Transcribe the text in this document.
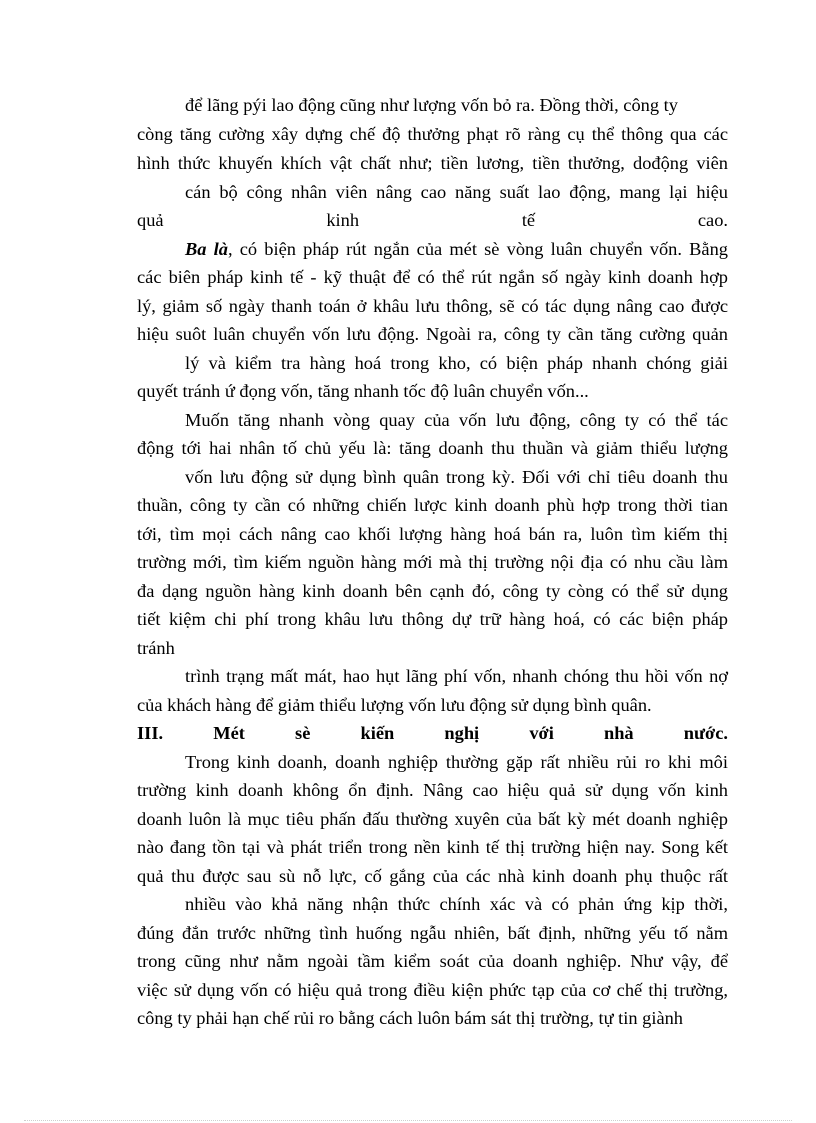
để lãng pýi lao động cũng như lượng vốn bỏ ra. Đồng thời, công ty
còng tăng cường xây dựng chế độ thưởng phạt rõ ràng cụ thể thông qua các
hình thức khuyến khích vật chất như; tiền lương, tiền thưởng, dođộng viên
cán bộ công nhân viên nâng cao năng suất lao động, mang lại hiệu
quả kinh tế cao.
Ba là, có biện pháp rút ngắn của mét sè vòng luân chuyển vốn. Bằng
các biên pháp kinh tế - kỹ thuật để có thể rút ngắn số ngày kinh doanh hợp
lý, giảm số ngày thanh toán ở khâu lưu thông, sẽ có tác dụng nâng cao được
hiệu suôt luân chuyển vốn lưu động. Ngoài ra, công ty cần tăng cường quản
lý và kiểm tra hàng hoá trong kho, có biện pháp nhanh chóng giải
quyết tránh ứ đọng vốn, tăng nhanh tốc độ luân chuyển vốn...
Muốn tăng nhanh vòng quay của vốn lưu động, công ty có thể tác
động tới hai nhân tố chủ yếu là: tăng doanh thu thuần và giảm thiểu lượng
vốn lưu động sử dụng bình quân trong kỳ. Đối với chỉ tiêu doanh thu
thuần, công ty cần có những chiến lược kinh doanh phù hợp trong thời tian
tới, tìm mọi cách nâng cao khối lượng hàng hoá bán ra, luôn tìm kiếm thị
trường mới, tìm kiếm nguồn hàng mới mà thị trường nội địa có nhu cầu làm
đa dạng nguồn hàng kinh doanh bên cạnh đó, công ty còng có thể sử dụng
tiết kiệm chi phí trong khâu lưu thông dự trữ hàng hoá, có các biện pháp
tránh
trình trạng mất mát, hao hụt lãng phí vốn, nhanh chóng thu hồi vốn nợ
của khách hàng để giảm thiểu lượng vốn lưu động sử dụng bình quân.
III. Mét sè kiến nghị với nhà nước.
Trong kinh doanh, doanh nghiệp thường gặp rất nhiều rủi ro khi môi
trường kinh doanh không ổn định. Nâng cao hiệu quả sử dụng vốn kinh
doanh luôn là mục tiêu phấn đấu thường xuyên của bất kỳ mét doanh nghiệp
nào đang tồn tại và phát triển trong nền kinh tế thị trường hiện nay. Song kết
quả thu được sau sù nỗ lực, cố gắng của các nhà kinh doanh phụ thuộc rất
nhiều vào khả năng nhận thức chính xác và có phản ứng kịp thời,
đúng đắn trước những tình huống ngẫu nhiên, bất định, những yếu tố nằm
trong cũng như nằm ngoài tầm kiểm soát của doanh nghiệp. Như vậy, để
việc sử dụng vốn có hiệu quả trong điều kiện phức tạp của cơ chế thị trường,
công ty phải hạn chế rủi ro bằng cách luôn bám sát thị trường, tự tin giành
